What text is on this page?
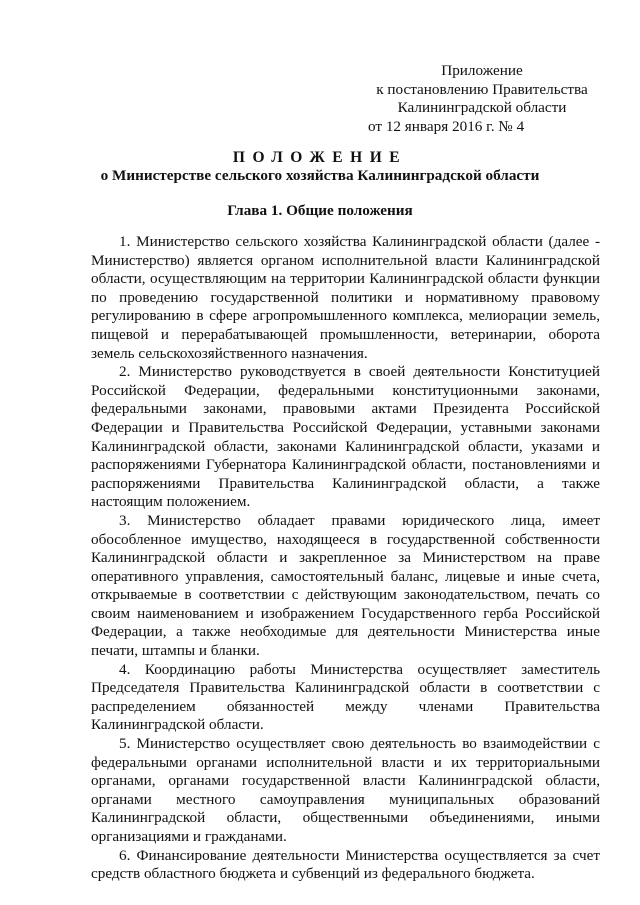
Приложение
к постановлению Правительства
Калининградской области
от 12 января 2016 г. № 4
ПОЛОЖЕНИЕ
о Министерстве сельского хозяйства Калининградской области
Глава 1. Общие положения

1. Министерство сельского хозяйства Калининградской области (далее - Министерство) является органом исполнительной власти Калининградской области, осуществляющим на территории Калининградской области функции по проведению государственной политики и нормативному правовому регулированию в сфере агропромышленного комплекса, мелиорации земель, пищевой и перерабатывающей промышленности, ветеринарии, оборота земель сельскохозяйственного назначения.

2. Министерство руководствуется в своей деятельности Конституцией Российской Федерации, федеральными конституционными законами, федеральными законами, правовыми актами Президента Российской Федерации и Правительства Российской Федерации, уставными законами Калининградской области, законами Калининградской области, указами и распоряжениями Губернатора Калининградской области, постановлениями и распоряжениями Правительства Калининградской области, а также настоящим положением.

3. Министерство обладает правами юридического лица, имеет обособленное имущество, находящееся в государственной собственности Калининградской области и закрепленное за Министерством на праве оперативного управления, самостоятельный баланс, лицевые и иные счета, открываемые в соответствии с действующим законодательством, печать со своим наименованием и изображением Государственного герба Российской Федерации, а также необходимые для деятельности Министерства иные печати, штампы и бланки.

4. Координацию работы Министерства осуществляет заместитель Председателя Правительства Калининградской области в соответствии с распределением обязанностей между членами Правительства Калининградской области.

5. Министерство осуществляет свою деятельность во взаимодействии с федеральными органами исполнительной власти и их территориальными органами, органами государственной власти Калининградской области, органами местного самоуправления муниципальных образований Калининградской области, общественными объединениями, иными организациями и гражданами.

6. Финансирование деятельности Министерства осуществляется за счет средств областного бюджета и субвенций из федерального бюджета.
